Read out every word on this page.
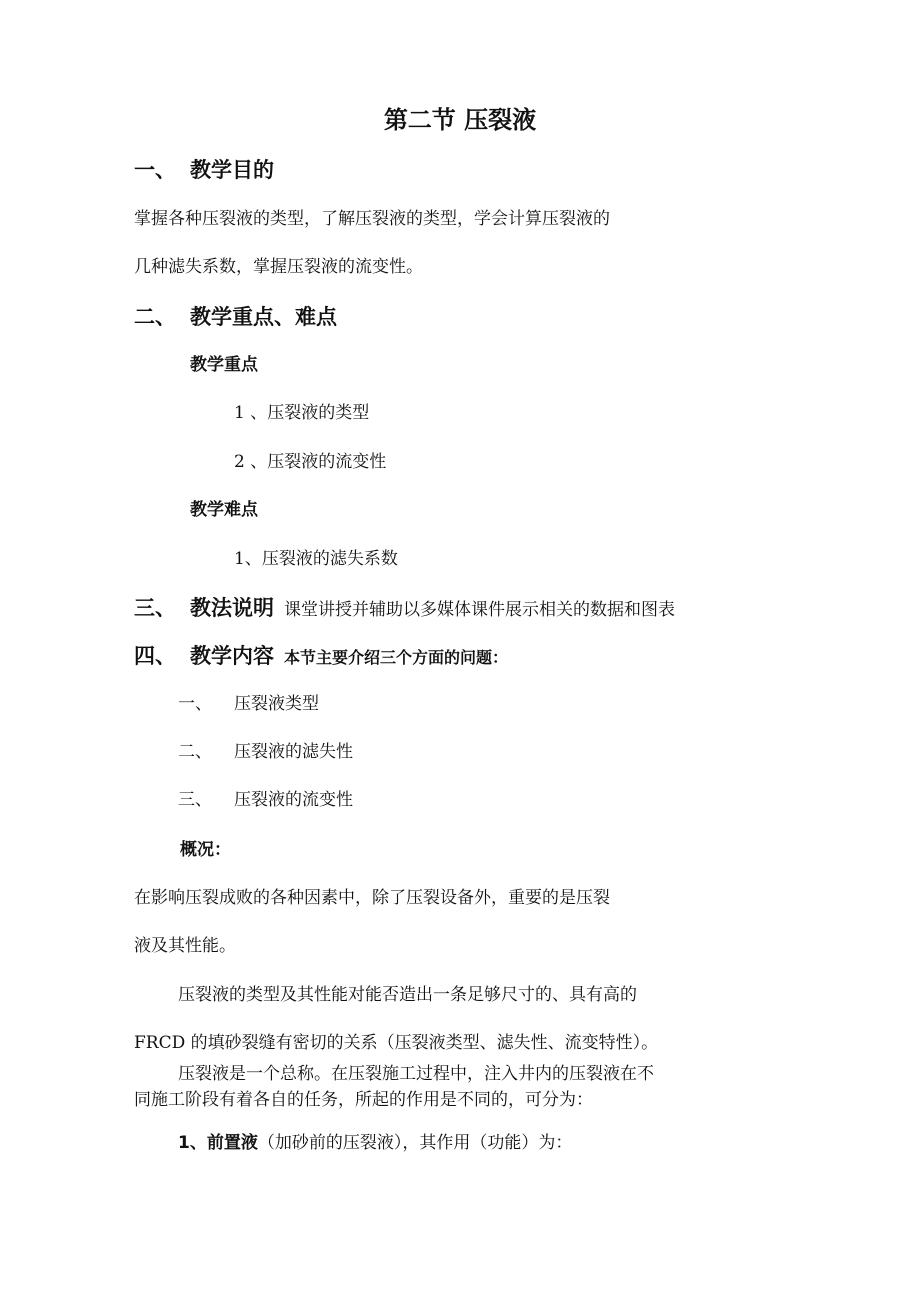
第二节 压裂液
一、 教学目的
掌握各种压裂液的类型，了解压裂液的类型，学会计算压裂液的
几种滤失系数，掌握压裂液的流变性。
二、 教学重点、难点
教学重点
1 、压裂液的类型
2 、压裂液的流变性
教学难点
1、压裂液的滤失系数
三、 教法说明 课堂讲授并辅助以多媒体课件展示相关的数据和图表
四、 教学内容 本节主要介绍三个方面的问题：
一、 压裂液类型
二、 压裂液的滤失性
三、 压裂液的流变性
概况：
在影响压裂成败的各种因素中，除了压裂设备外，重要的是压裂
液及其性能。
压裂液的类型及其性能对能否造出一条足够尺寸的、具有高的
FRCD 的填砂裂缝有密切的关系（压裂液类型、滤失性、流变特性）。
压裂液是一个总称。在压裂施工过程中，注入井内的压裂液在不
同施工阶段有着各自的任务，所起的作用是不同的，可分为：
1、前置液（加砂前的压裂液），其作用（功能）为：
